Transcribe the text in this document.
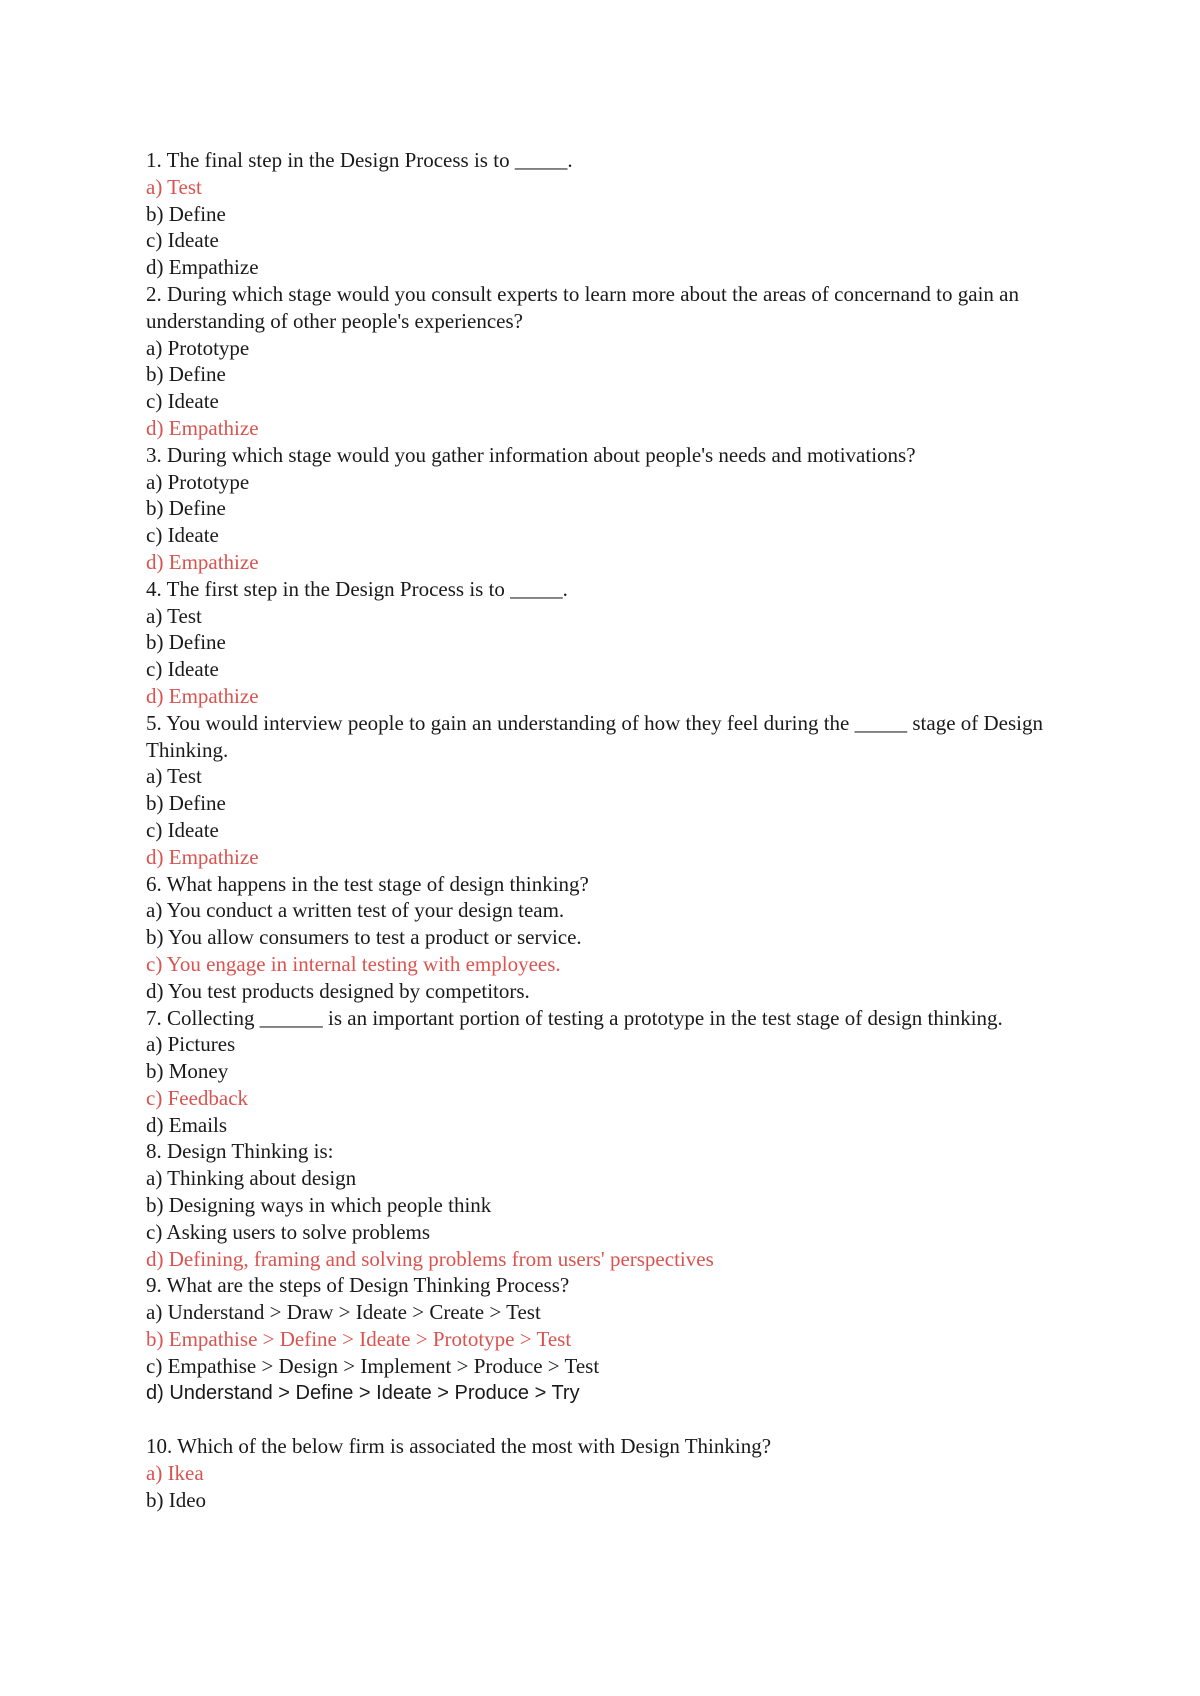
1. The final step in the Design Process is to _____.

a) Test

b) Define

c) Ideate

d) Empathize

2. During which stage would you consult experts to learn more about the areas of concernand to gain an understanding of other people's experiences?

a) Prototype

b) Define

c) Ideate

d) Empathize

3. During which stage would you gather information about people's needs and motivations?

a) Prototype

b) Define

c) Ideate

d) Empathize

4. The first step in the Design Process is to _____.

a) Test

b) Define

c) Ideate

d) Empathize

5. You would interview people to gain an understanding of how they feel during the _____ stage of Design Thinking.

a) Test

b) Define

c) Ideate

d) Empathize

6. What happens in the test stage of design thinking?

a) You conduct a written test of your design team.

b) You allow consumers to test a product or service.

c) You engage in internal testing with employees.

d) You test products designed by competitors.

7. Collecting ______ is an important portion of testing a prototype in the test stage of design thinking.

a) Pictures

b) Money

c) Feedback

d) Emails

8. Design Thinking is:

a) Thinking about design

b) Designing ways in which people think

c) Asking users to solve problems

d) Defining, framing and solving problems from users' perspectives

9. What are the steps of Design Thinking Process?

a) Understand > Draw > Ideate > Create > Test

b) Empathise > Define > Ideate > Prototype > Test

c) Empathise > Design > Implement > Produce > Test

d) Understand > Define > Ideate > Produce > Try

10. Which of the below firm is associated the most with Design Thinking?

a) Ikea

b) Ideo
